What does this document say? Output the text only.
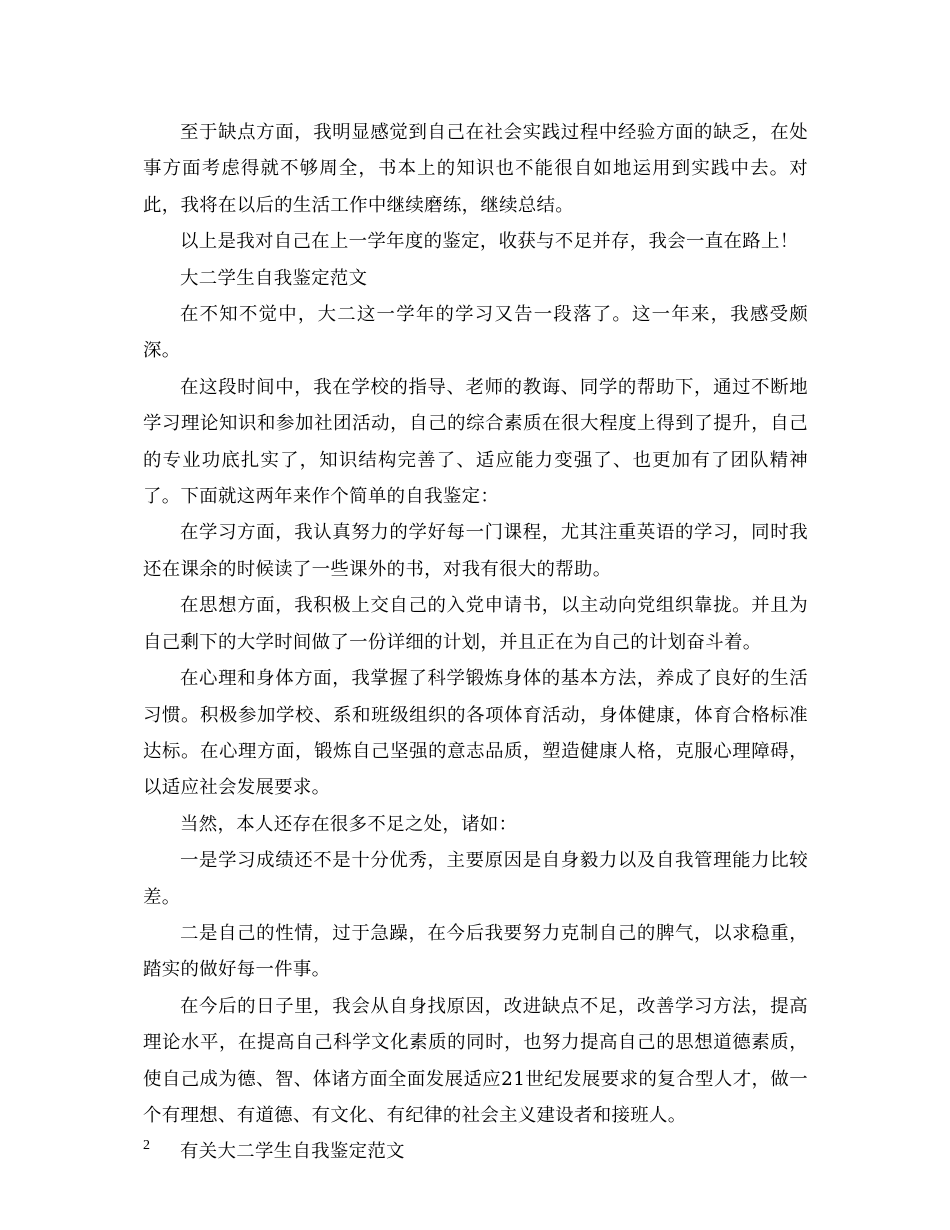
至于缺点方面，我明显感觉到自己在社会实践过程中经验方面的缺乏，在处事方面考虑得就不够周全，书本上的知识也不能很自如地运用到实践中去。对此，我将在以后的生活工作中继续磨练，继续总结。

以上是我对自己在上一学年度的鉴定，收获与不足并存，我会一直在路上！

大二学生自我鉴定范文

在不知不觉中，大二这一学年的学习又告一段落了。这一年来，我感受颇深。

在这段时间中，我在学校的指导、老师的教诲、同学的帮助下，通过不断地学习理论知识和参加社团活动，自己的综合素质在很大程度上得到了提升，自己的专业功底扎实了，知识结构完善了、适应能力变强了、也更加有了团队精神了。下面就这两年来作个简单的自我鉴定：

在学习方面，我认真努力的学好每一门课程，尤其注重英语的学习，同时我还在课余的时候读了一些课外的书，对我有很大的帮助。

在思想方面，我积极上交自己的入党申请书，以主动向党组织靠拢。并且为自己剩下的大学时间做了一份详细的计划，并且正在为自己的计划奋斗着。

在心理和身体方面，我掌握了科学锻炼身体的基本方法，养成了良好的生活习惯。积极参加学校、系和班级组织的各项体育活动，身体健康，体育合格标准达标。在心理方面，锻炼自己坚强的意志品质，塑造健康人格，克服心理障碍，以适应社会发展要求。

当然，本人还存在很多不足之处，诸如：

一是学习成绩还不是十分优秀，主要原因是自身毅力以及自我管理能力比较差。

二是自己的性情，过于急躁，在今后我要努力克制自己的脾气，以求稳重，踏实的做好每一件事。

在今后的日子里，我会从自身找原因，改进缺点不足，改善学习方法，提高理论水平，在提高自己科学文化素质的同时，也努力提高自己的思想道德素质，使自己成为德、智、体诸方面全面发展适应21世纪发展要求的复合型人才，做一个有理想、有道德、有文化、有纪律的社会主义建设者和接班人。

有关大二学生自我鉴定范文

2
